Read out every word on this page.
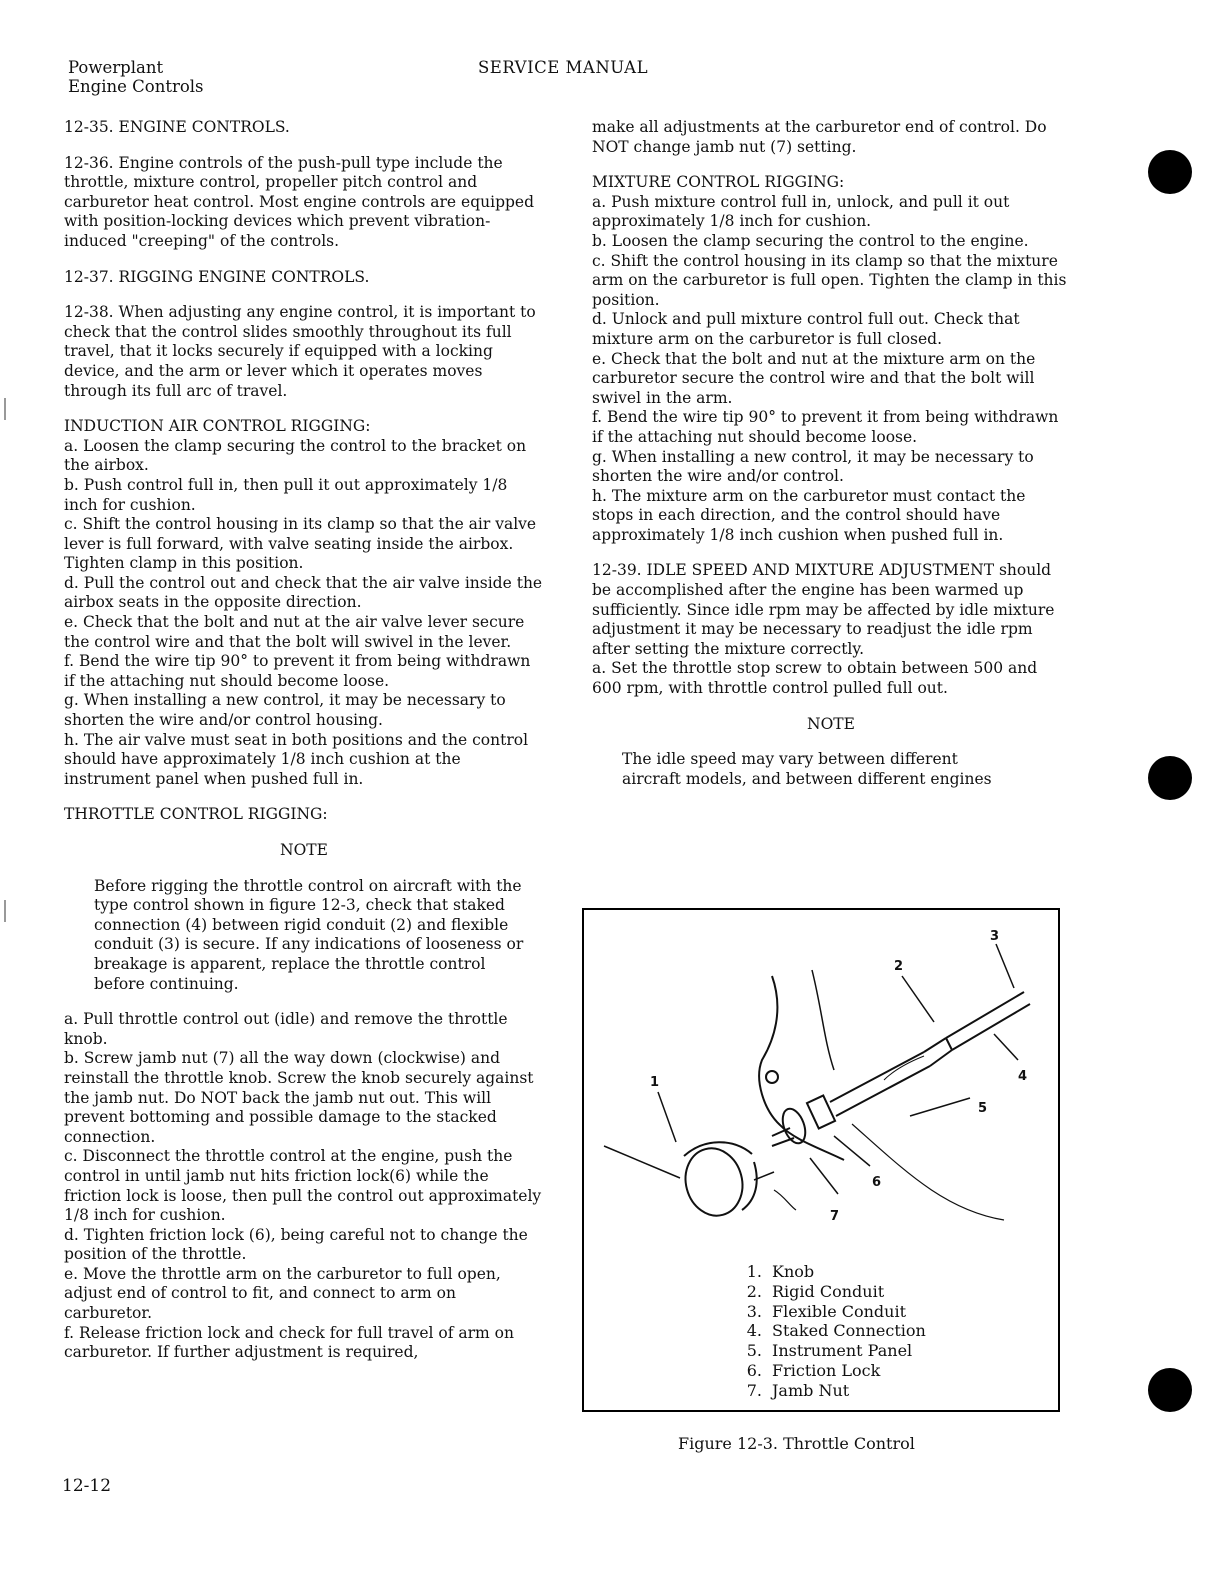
Powerplant
Engine Controls
SERVICE MANUAL

12-35. ENGINE CONTROLS.

12-36. Engine controls of the push-pull type include the throttle, mixture control, propeller pitch control and carburetor heat control. Most engine controls are equipped with position-locking devices which prevent vibration-induced "creeping" of the controls.

12-37. RIGGING ENGINE CONTROLS.

12-38. When adjusting any engine control, it is important to check that the control slides smoothly throughout its full travel, that it locks securely if equipped with a locking device, and the arm or lever which it operates moves through its full arc of travel.

INDUCTION AIR CONTROL RIGGING:

a. Loosen the clamp securing the control to the bracket on the airbox.

b. Push control full in, then pull it out approximately 1/8 inch for cushion.

c. Shift the control housing in its clamp so that the air valve lever is full forward, with valve seating inside the airbox. Tighten clamp in this position.

d. Pull the control out and check that the air valve inside the airbox seats in the opposite direction.

e. Check that the bolt and nut at the air valve lever secure the control wire and that the bolt will swivel in the lever.

f. Bend the wire tip 90° to prevent it from being withdrawn if the attaching nut should become loose.

g. When installing a new control, it may be necessary to shorten the wire and/or control housing.

h. The air valve must seat in both positions and the control should have approximately 1/8 inch cushion at the instrument panel when pushed full in.

THROTTLE CONTROL RIGGING:

NOTE

Before rigging the throttle control on aircraft with the type control shown in figure 12-3, check that staked connection (4) between rigid conduit (2) and flexible conduit (3) is secure. If any indications of looseness or breakage is apparent, replace the throttle control before continuing.

a. Pull throttle control out (idle) and remove the throttle knob.

b. Screw jamb nut (7) all the way down (clockwise) and reinstall the throttle knob. Screw the knob securely against the jamb nut. Do NOT back the jamb nut out. This will prevent bottoming and possible damage to the stacked connection.

c. Disconnect the throttle control at the engine, push the control in until jamb nut hits friction lock(6) while the friction lock is loose, then pull the control out approximately 1/8 inch for cushion.

d. Tighten friction lock (6), being careful not to change the position of the throttle.

e. Move the throttle arm on the carburetor to full open, adjust end of control to fit, and connect to arm on carburetor.

f. Release friction lock and check for full travel of arm on carburetor. If further adjustment is required,

make all adjustments at the carburetor end of control. Do NOT change jamb nut (7) setting.

MIXTURE CONTROL RIGGING:

a. Push mixture control full in, unlock, and pull it out approximately 1/8 inch for cushion.

b. Loosen the clamp securing the control to the engine.

c. Shift the control housing in its clamp so that the mixture arm on the carburetor is full open. Tighten the clamp in this position.

d. Unlock and pull mixture control full out. Check that mixture arm on the carburetor is full closed.

e. Check that the bolt and nut at the mixture arm on the carburetor secure the control wire and that the bolt will swivel in the arm.

f. Bend the wire tip 90° to prevent it from being withdrawn if the attaching nut should become loose.

g. When installing a new control, it may be necessary to shorten the wire and/or control.

h. The mixture arm on the carburetor must contact the stops in each direction, and the control should have approximately 1/8 inch cushion when pushed full in.

12-39. IDLE SPEED AND MIXTURE ADJUSTMENT should be accomplished after the engine has been warmed up sufficiently. Since idle rpm may be affected by idle mixture adjustment it may be necessary to readjust the idle rpm after setting the mixture correctly.

a. Set the throttle stop screw to obtain between 500 and 600 rpm, with throttle control pulled full out.

NOTE

The idle speed may vary between different aircraft models, and between different engines

1
2
3
4
5
6
7
1. Knob
2. Rigid Conduit
3. Flexible Conduit
4. Staked Connection
5. Instrument Panel
6. Friction Lock
7. Jamb Nut
Figure 12-3. Throttle Control
12-12
